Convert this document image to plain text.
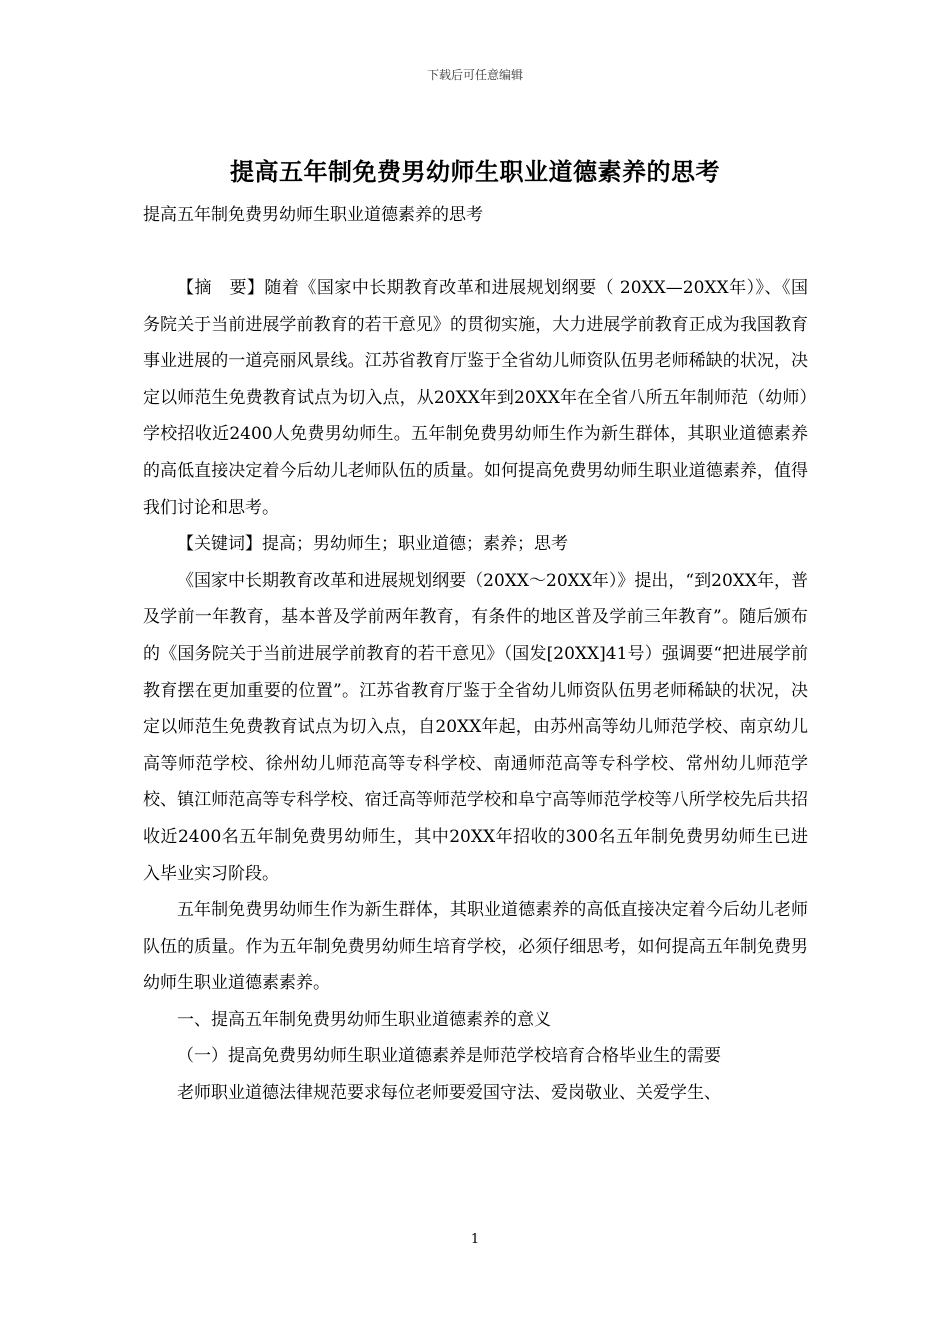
下载后可任意编辑
提高五年制免费男幼师生职业道德素养的思考
提高五年制免费男幼师生职业道德素养的思考

【摘　要】随着《国家中长期教育改革和进展规划纲要（ 20XX—20XX年）》、《国务院关于当前进展学前教育的若干意见》的贯彻实施，大力进展学前教育正成为我国教育事业进展的一道亮丽风景线。江苏省教育厅鉴于全省幼儿师资队伍男老师稀缺的状况，决定以师范生免费教育试点为切入点，从20XX年到20XX年在全省八所五年制师范（幼师）学校招收近2400人免费男幼师生。五年制免费男幼师生作为新生群体，其职业道德素养的高低直接决定着今后幼儿老师队伍的质量。如何提高免费男幼师生职业道德素养，值得我们讨论和思考。

【关键词】提高；男幼师生；职业道德；素养；思考

《国家中长期教育改革和进展规划纲要（20XX～20XX年）》提出，“到20XX年，普及学前一年教育，基本普及学前两年教育，有条件的地区普及学前三年教育”。随后颁布的《国务院关于当前进展学前教育的若干意见》（国发[20XX]41号）强调要“把进展学前教育摆在更加重要的位置”。江苏省教育厅鉴于全省幼儿师资队伍男老师稀缺的状况，决定以师范生免费教育试点为切入点，自20XX年起，由苏州高等幼儿师范学校、南京幼儿高等师范学校、徐州幼儿师范高等专科学校、南通师范高等专科学校、常州幼儿师范学校、镇江师范高等专科学校、宿迁高等师范学校和阜宁高等师范学校等八所学校先后共招收近2400名五年制免费男幼师生，其中20XX年招收的300名五年制免费男幼师生已进入毕业实习阶段。

五年制免费男幼师生作为新生群体，其职业道德素养的高低直接决定着今后幼儿老师队伍的质量。作为五年制免费男幼师生培育学校，必须仔细思考，如何提高五年制免费男幼师生职业道德素素养。

一、提高五年制免费男幼师生职业道德素养的意义

（一）提高免费男幼师生职业道德素养是师范学校培育合格毕业生的需要

老师职业道德法律规范要求每位老师要爱国守法、爱岗敬业、关爱学生、

1
